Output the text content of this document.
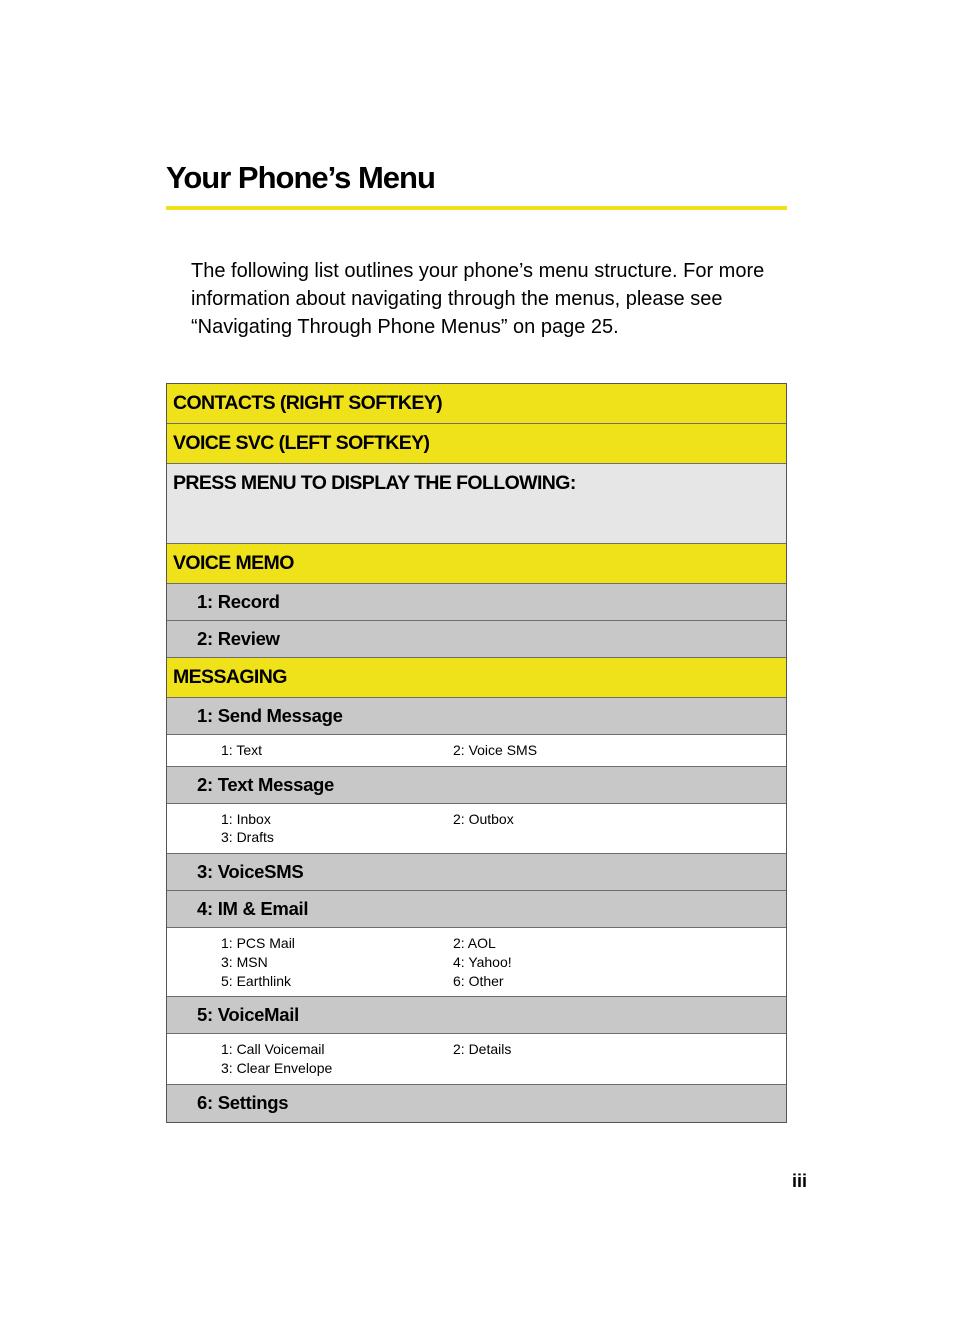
Your Phone’s Menu

The following list outlines your phone’s menu structure. For more information about navigating through the menus, please see “Navigating Through Phone Menus” on page 25.

CONTACTS (RIGHT SOFTKEY)
VOICE SVC (LEFT SOFTKEY)
PRESS MENU TO DISPLAY THE FOLLOWING:
VOICE MEMO
1: Record
2: Review
MESSAGING
1: Send Message
1: Text	2: Voice SMS
2: Text Message
1: Inbox
3: Drafts
2: Outbox
3: VoiceSMS
4: IM & Email
1: PCS Mail
3: MSN
5: Earthlink
2: AOL
4: Yahoo!
6: Other
5: VoiceMail
1: Call Voicemail
3: Clear Envelope
2: Details
6: Settings
iii
